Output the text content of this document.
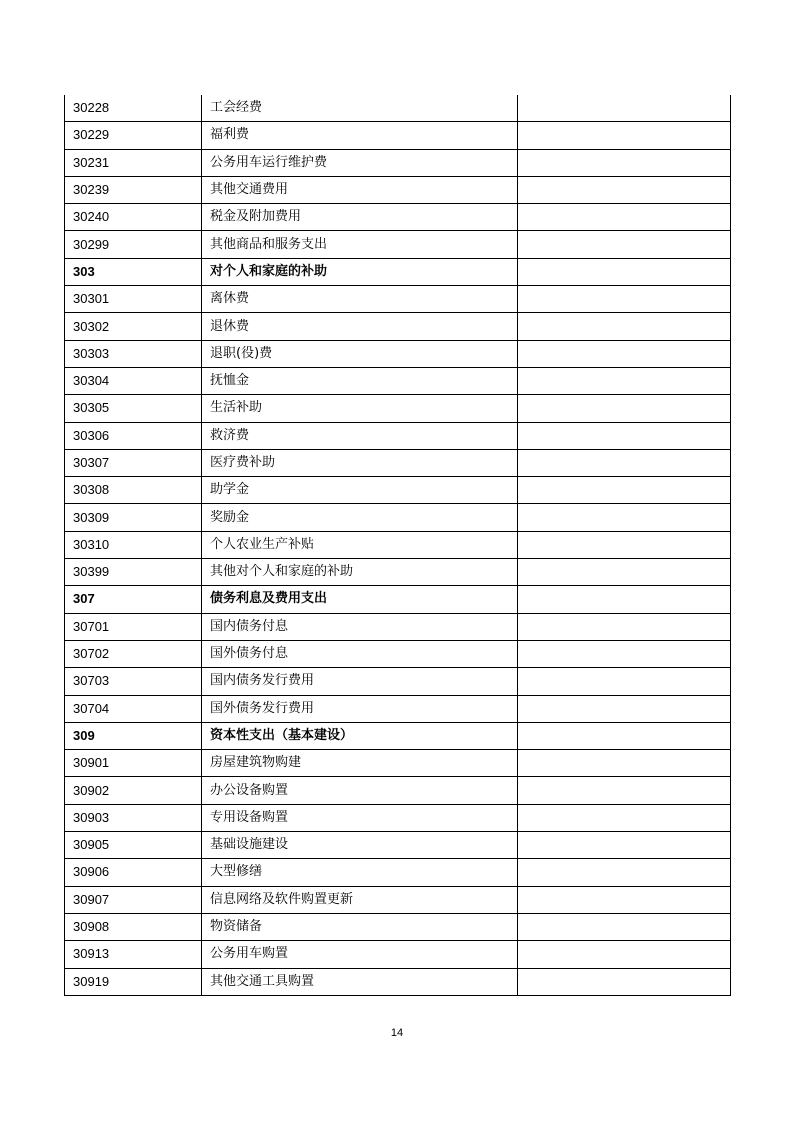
30228	工会经费	
30229	福利费	
30231	公务用车运行维护费	
30239	其他交通费用	
30240	税金及附加费用	
30299	其他商品和服务支出	
303	对个人和家庭的补助	
30301	离休费	
30302	退休费	
30303	退职(役)费	
30304	抚恤金	
30305	生活补助	
30306	救济费	
30307	医疗费补助	
30308	助学金	
30309	奖励金	
30310	个人农业生产补贴	
30399	其他对个人和家庭的补助	
307	债务利息及费用支出	
30701	国内债务付息	
30702	国外债务付息	
30703	国内债务发行费用	
30704	国外债务发行费用	
309	资本性支出（基本建设）	
30901	房屋建筑物购建	
30902	办公设备购置	
30903	专用设备购置	
30905	基础设施建设	
30906	大型修缮	
30907	信息网络及软件购置更新	
30908	物资储备	
30913	公务用车购置	
30919	其他交通工具购置	
14
